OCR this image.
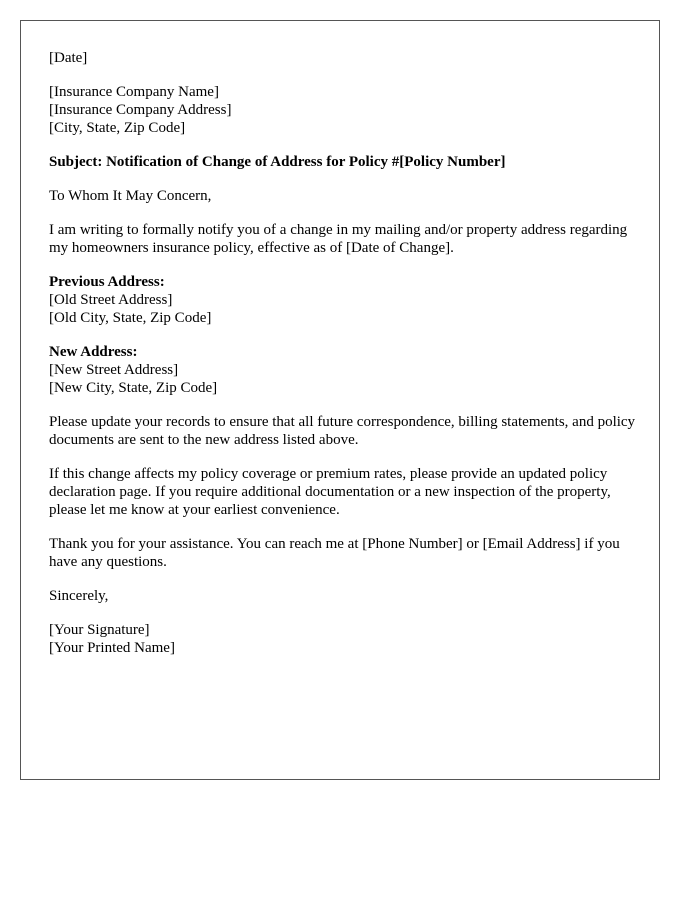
[Date]
[Insurance Company Name]
[Insurance Company Address]
[City, State, Zip Code]
Subject: Notification of Change of Address for Policy #[Policy Number]

To Whom It May Concern,

I am writing to formally notify you of a change in my mailing and/or property address regarding my homeowners insurance policy, effective as of [Date of Change].

Previous Address:
[Old Street Address]
[Old City, State, Zip Code]
New Address:
[New Street Address]
[New City, State, Zip Code]

Please update your records to ensure that all future correspondence, billing statements, and policy documents are sent to the new address listed above.

If this change affects my policy coverage or premium rates, please provide an updated policy declaration page. If you require additional documentation or a new inspection of the property, please let me know at your earliest convenience.

Thank you for your assistance. You can reach me at [Phone Number] or [Email Address] if you have any questions.

Sincerely,

[Your Signature]
[Your Printed Name]
